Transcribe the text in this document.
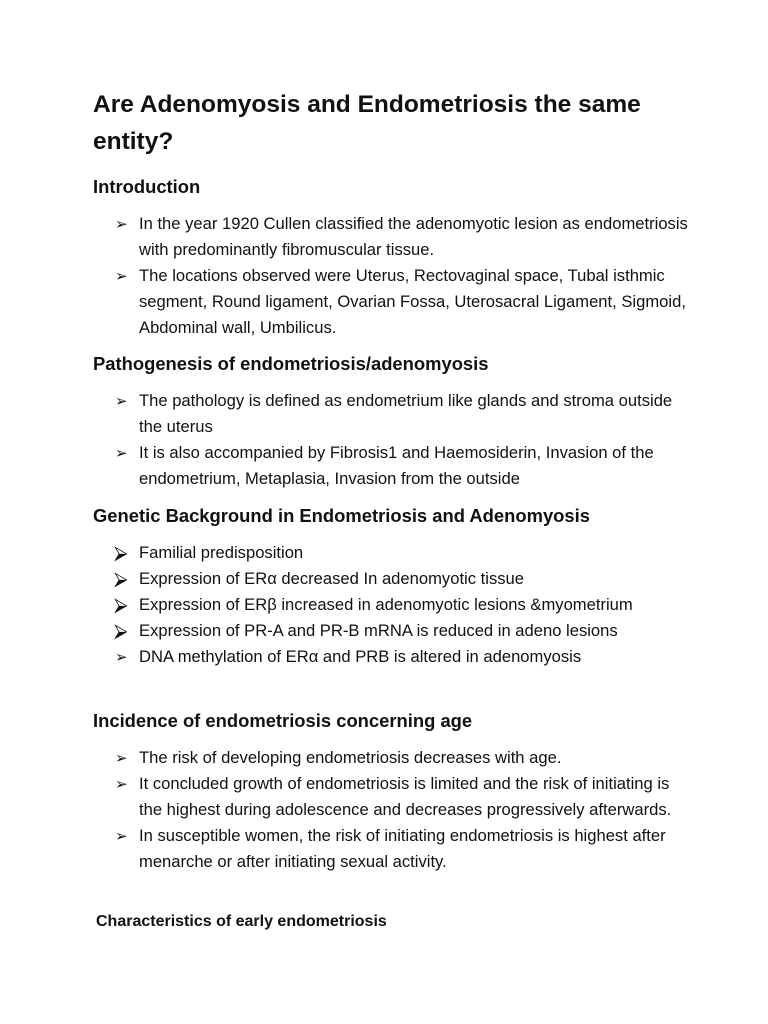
Are Adenomyosis and Endometriosis the same entity?
Introduction
➢ In the year 1920 Cullen classified the adenomyotic lesion as endometriosis with predominantly fibromuscular tissue.
➢ The locations observed were Uterus, Rectovaginal space, Tubal isthmic segment, Round ligament, Ovarian Fossa, Uterosacral Ligament, Sigmoid, Abdominal wall, Umbilicus.
Pathogenesis of endometriosis/adenomyosis
➢ The pathology is defined as endometrium like glands and stroma outside the uterus
➢ It is also accompanied by Fibrosis1 and Haemosiderin, Invasion of the endometrium, Metaplasia, Invasion from the outside
Genetic Background in Endometriosis and Adenomyosis
⮚ Familial predisposition
⮚ Expression of ERα decreased In adenomyotic tissue
⮚ Expression of ERβ increased in adenomyotic lesions &myometrium
⮚ Expression of PR-A and PR-B mRNA is reduced in adeno lesions
➢ DNA methylation of ERα and PRB is altered in adenomyosis
Incidence of endometriosis concerning age
➢ The risk of developing endometriosis decreases with age.
➢ It concluded growth of endometriosis is limited and the risk of initiating is the highest during adolescence and decreases progressively afterwards.
➢ In susceptible women, the risk of initiating endometriosis is highest after menarche or after initiating sexual activity.
Characteristics of early endometriosis
